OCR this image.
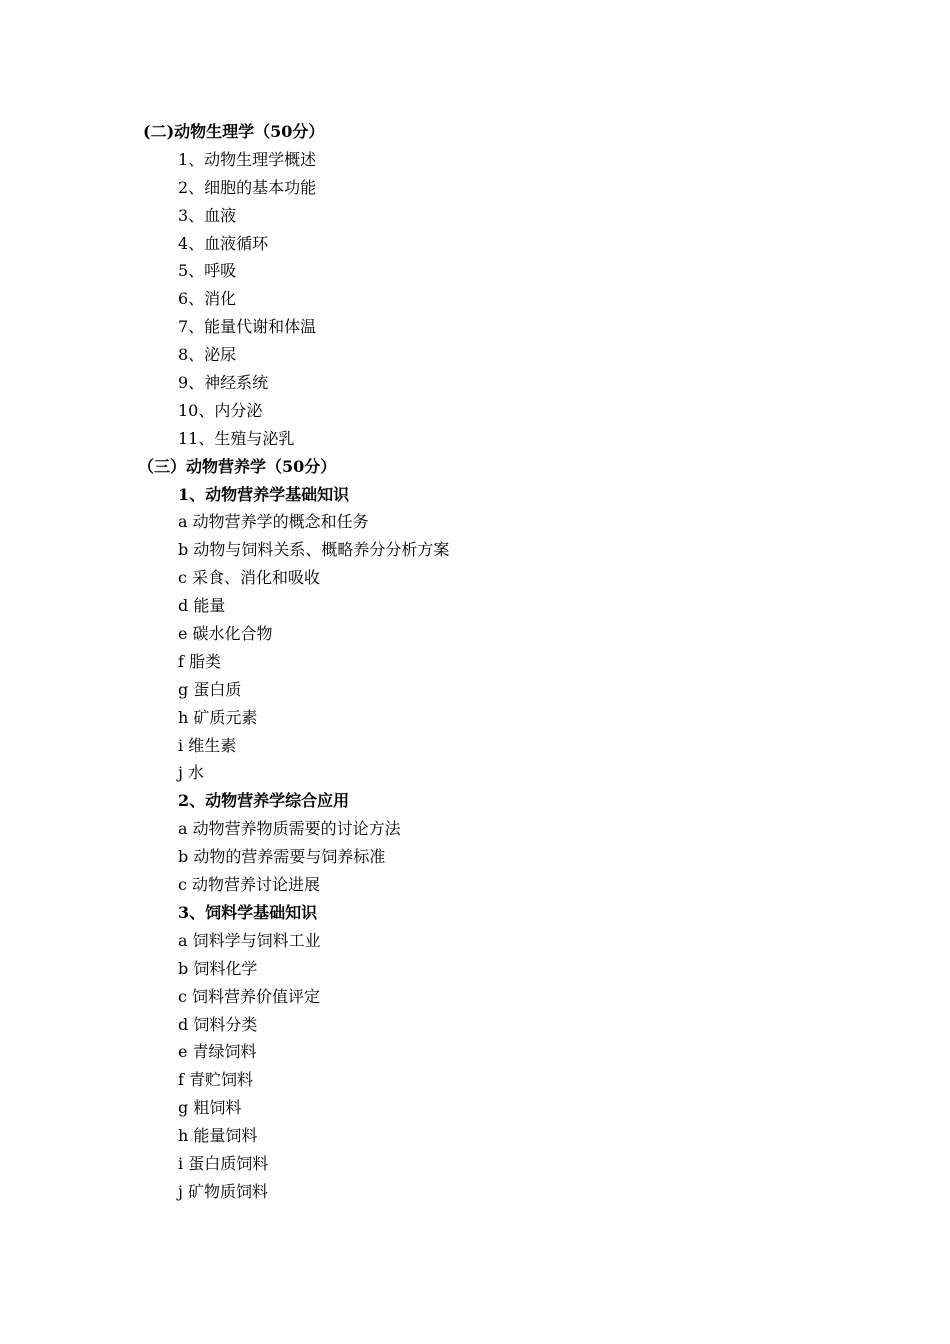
(二)动物生理学（50分）
1、动物生理学概述
2、细胞的基本功能
3、血液
4、血液循环
5、呼吸
6、消化
7、能量代谢和体温
8、泌尿
9、神经系统
10、内分泌
11、生殖与泌乳
（三）动物营养学（50分）
1、动物营养学基础知识
a 动物营养学的概念和任务
b 动物与饲料关系、概略养分分析方案
c 采食、消化和吸收
d 能量
e 碳水化合物
f 脂类
g 蛋白质
h 矿质元素
i 维生素
j 水
2、动物营养学综合应用
a 动物营养物质需要的讨论方法
b 动物的营养需要与饲养标准
c 动物营养讨论进展
3、饲料学基础知识
a 饲料学与饲料工业
b 饲料化学
c 饲料营养价值评定
d 饲料分类
e 青绿饲料
f 青贮饲料
g 粗饲料
h 能量饲料
i 蛋白质饲料
j 矿物质饲料
